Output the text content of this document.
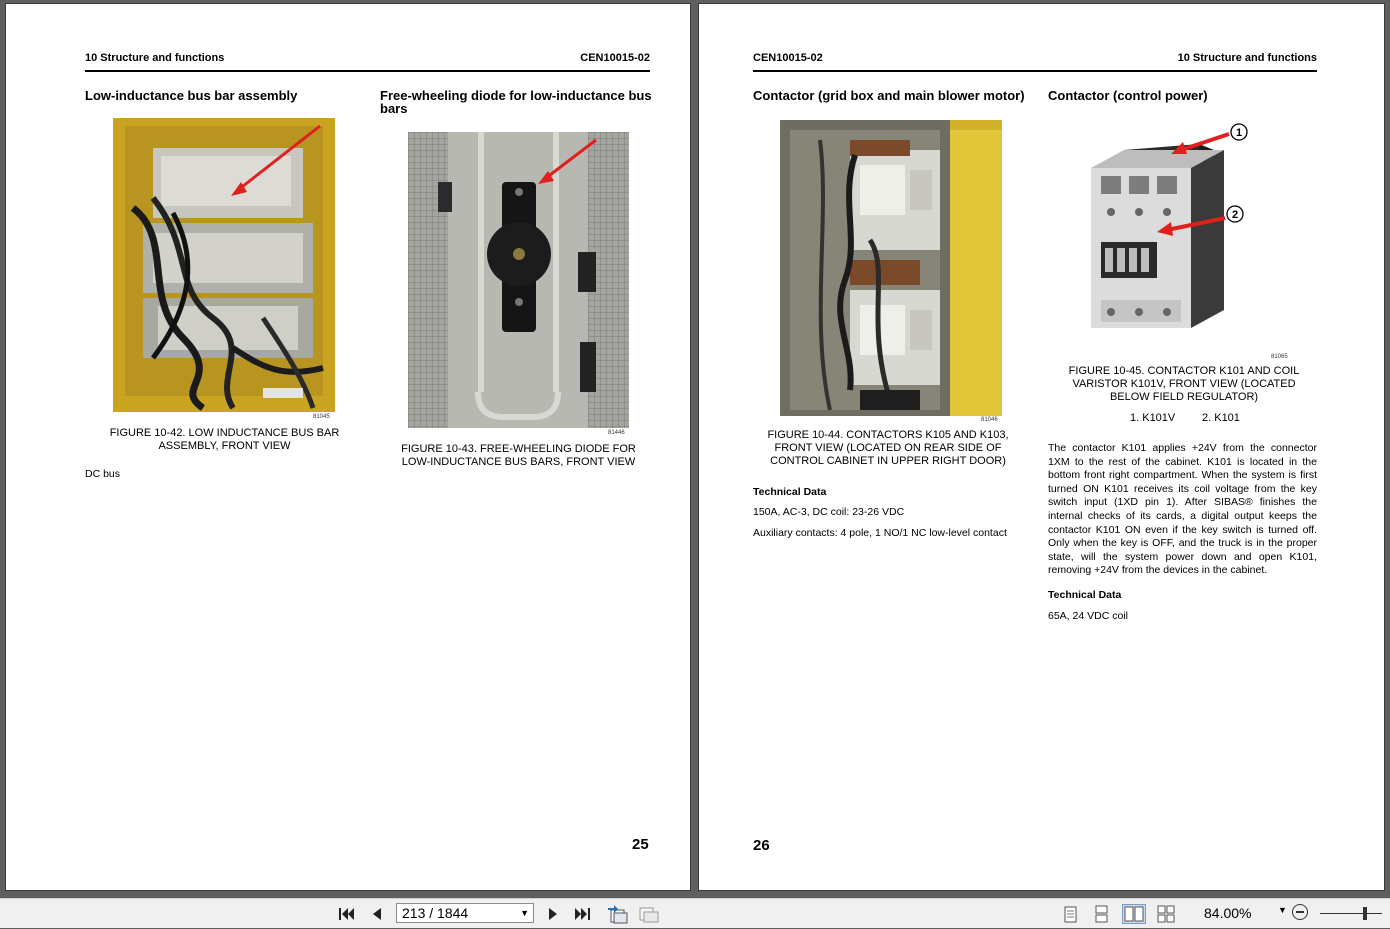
10 Structure and functions	CEN10015-02
Low-inductance bus bar assembly	Free-wheeling diode for low-inductance bus bars
81045
FIGURE 10-42. LOW INDUCTANCE BUS BAR ASSEMBLY, FRONT VIEW
81446
FIGURE 10-43. FREE-WHEELING DIODE FOR LOW-INDUCTANCE BUS BARS, FRONT VIEW
DC bus
25
CEN10015-02	10 Structure and functions
Contactor (grid box and main blower motor)	Contactor (control power)
81046
FIGURE 10-44. CONTACTORS K105 AND K103, FRONT VIEW (LOCATED ON REAR SIDE OF CONTROL CABINET IN UPPER RIGHT DOOR)
Technical Data
150A, AC-3, DC coil: 23-26 VDC
Auxiliary contacts: 4 pole, 1 NO/1 NC low-level contact
1
2
81065
FIGURE 10-45. CONTACTOR K101 AND COIL VARISTOR K101V, FRONT VIEW (LOCATED BELOW FIELD REGULATOR)
1. K101V 2. K101
The contactor K101 applies +24V from the connector 1XM to the rest of the cabinet. K101 is located in the bottom front right compartment. When the system is first turned ON K101 receives its coil voltage from the key switch input (1XD pin 1). After SIBAS® finishes the internal checks of its cards, a digital output keeps the contactor K101 ON even if the key switch is turned off. Only when the key is OFF, and the truck is in the proper state, will the system power down and open K101, removing +24V from the devices in the cabinet.
Technical Data
65A, 24 VDC coil
26
213 / 1844	▼	84.00%	▼
